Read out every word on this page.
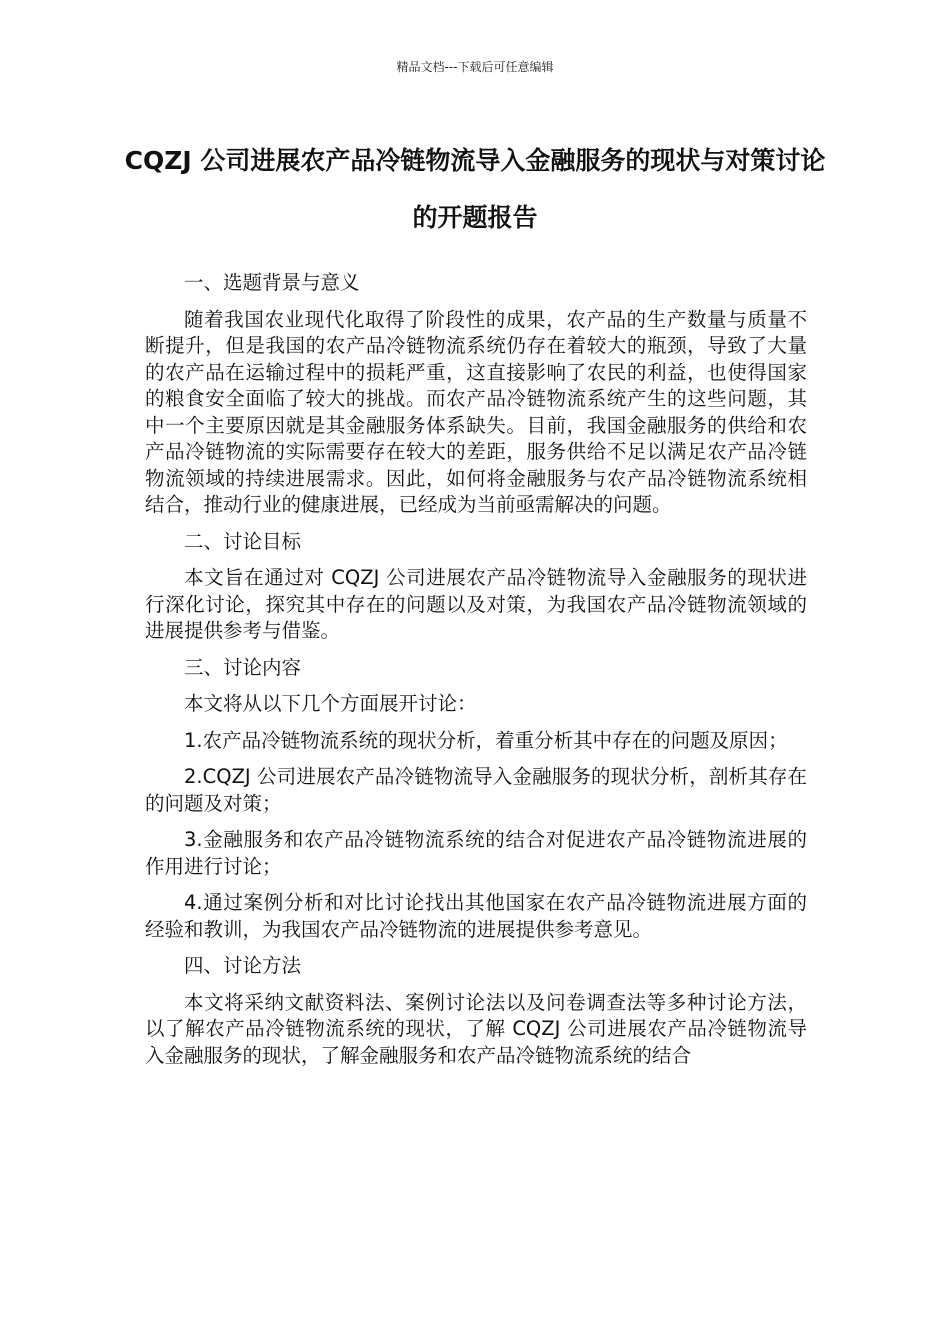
精品文档---下载后可任意编辑
CQZJ 公司进展农产品冷链物流导入金融服务的现状与对策讨论的开题报告

一、选题背景与意义

随着我国农业现代化取得了阶段性的成果，农产品的生产数量与质量不断提升，但是我国的农产品冷链物流系统仍存在着较大的瓶颈，导致了大量的农产品在运输过程中的损耗严重，这直接影响了农民的利益，也使得国家的粮食安全面临了较大的挑战。而农产品冷链物流系统产生的这些问题，其中一个主要原因就是其金融服务体系缺失。目前，我国金融服务的供给和农产品冷链物流的实际需要存在较大的差距，服务供给不足以满足农产品冷链物流领域的持续进展需求。因此，如何将金融服务与农产品冷链物流系统相结合，推动行业的健康进展，已经成为当前亟需解决的问题。

二、讨论目标

本文旨在通过对 CQZJ 公司进展农产品冷链物流导入金融服务的现状进行深化讨论，探究其中存在的问题以及对策，为我国农产品冷链物流领域的进展提供参考与借鉴。

三、讨论内容

本文将从以下几个方面展开讨论：

1.农产品冷链物流系统的现状分析，着重分析其中存在的问题及原因；

2.CQZJ 公司进展农产品冷链物流导入金融服务的现状分析，剖析其存在的问题及对策；

3.金融服务和农产品冷链物流系统的结合对促进农产品冷链物流进展的作用进行讨论；

4.通过案例分析和对比讨论找出其他国家在农产品冷链物流进展方面的经验和教训，为我国农产品冷链物流的进展提供参考意见。

四、讨论方法

本文将采纳文献资料法、案例讨论法以及问卷调查法等多种讨论方法，以了解农产品冷链物流系统的现状，了解 CQZJ 公司进展农产品冷链物流导入金融服务的现状，了解金融服务和农产品冷链物流系统的结合
